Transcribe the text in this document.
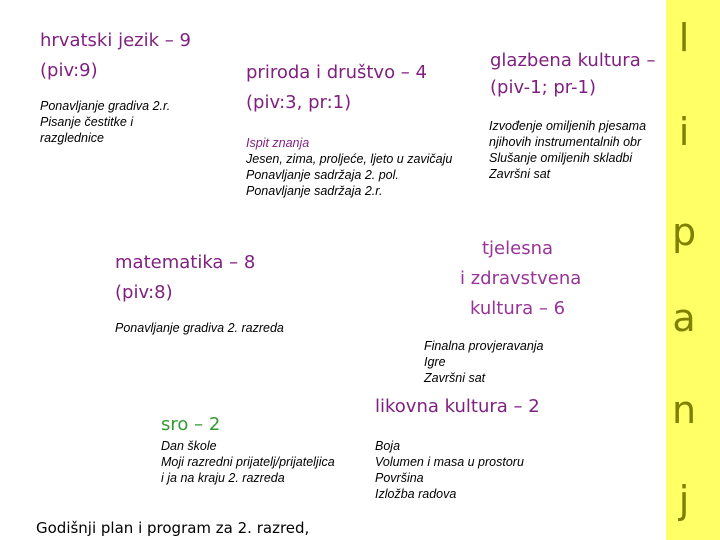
hrvatski jezik – 9
(piv:9)
Ponavljanje gradiva 2.r.
Pisanje čestitke i
razglednice
priroda i društvo – 4
(piv:3, pr:1)
Ispit znanja
Jesen, zima, proljeće, ljeto u zavičaju
Ponavljanje sadržaja 2. pol.
Ponavljanje sadržaja 2.r.
glazbena kultura –
(piv-1; pr-1)
Izvođenje omiljenih pjesama
njihovih instrumentalnih obr
Slušanje omiljenih skladbi
Završni sat
matematika – 8
(piv:8)
Ponavljanje gradiva 2. razreda
tjelesna
i zdravstvena
kultura – 6
Finalna provjeravanja
Igre
Završni sat
sro – 2
Dan škole
Moji razredni prijatelj/prijateljica
i ja na kraju 2. razreda
likovna kultura – 2
Boja
Volumen i masa u prostoru
Površina
Izložba radova
Godišnji plan i program za 2. razred,
l
i
p
a
n
j
